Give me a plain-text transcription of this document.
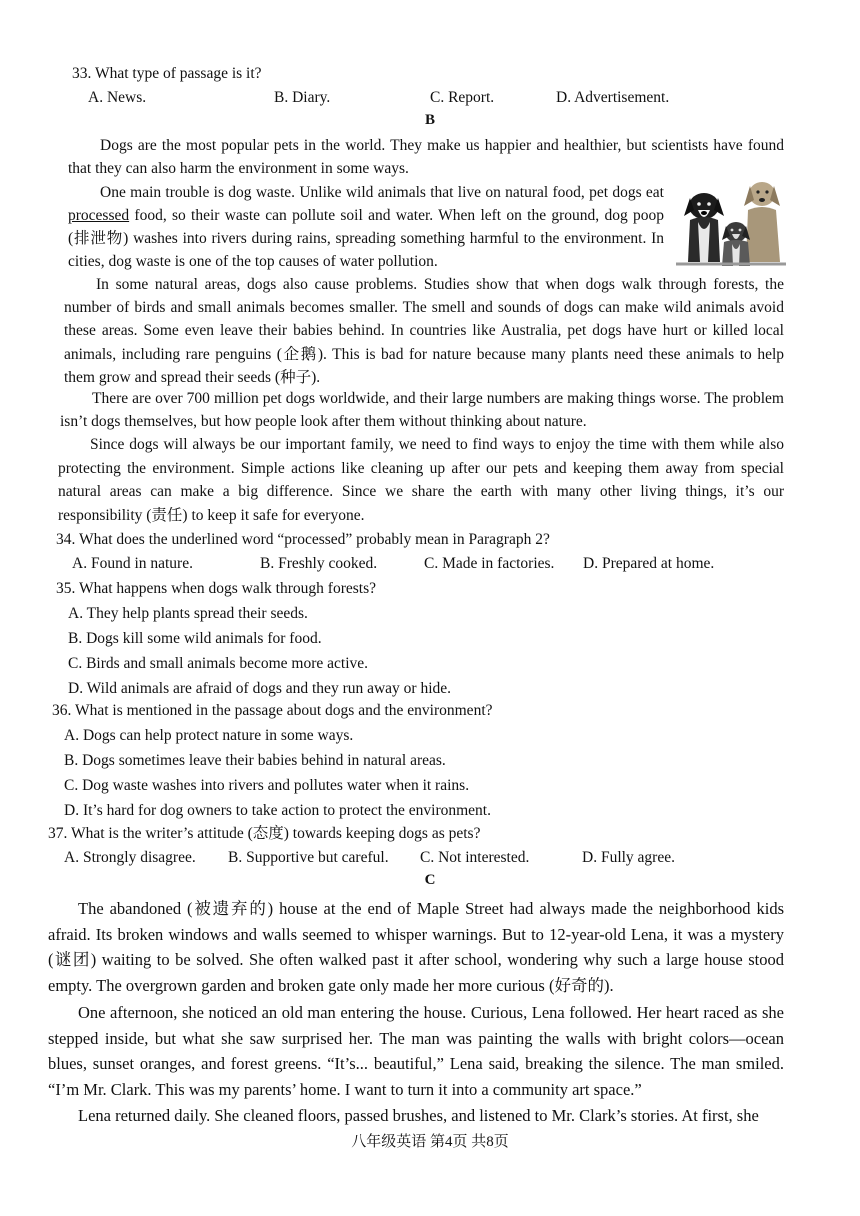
33. What type of passage is it?
A. News.	B. Diary.	C. Report.	D. Advertisement.
B

Dogs are the most popular pets in the world. They make us happier and healthier, but scientists have found that they can also harm the environment in some ways.

One main trouble is dog waste. Unlike wild animals that live on natural food, pet dogs eat processed food, so their waste can pollute soil and water. When left on the ground, dog poop (排泄物) washes into rivers during rains, spreading something harmful to the environment. In cities, dog waste is one of the top causes of water pollution.

In some natural areas, dogs also cause problems. Studies show that when dogs walk through forests, the number of birds and small animals becomes smaller. The smell and sounds of dogs can make wild animals avoid these areas. Some even leave their babies behind. In countries like Australia, pet dogs have hurt or killed local animals, including rare penguins (企鹅). This is bad for nature because many plants need these animals to help them grow and spread their seeds (种子).

There are over 700 million pet dogs worldwide, and their large numbers are making things worse. The problem isn’t dogs themselves, but how people look after them without thinking about nature.

Since dogs will always be our important family, we need to find ways to enjoy the time with them while also protecting the environment. Simple actions like cleaning up after our pets and keeping them away from special natural areas can make a big difference. Since we share the earth with many other living things, it’s our responsibility (责任) to keep it safe for everyone.

34. What does the underlined word “processed” probably mean in Paragraph 2?
A. Found in nature.	B. Freshly cooked.	C. Made in factories.	D. Prepared at home.
35. What happens when dogs walk through forests?
A. They help plants spread their seeds.
B. Dogs kill some wild animals for food.
C. Birds and small animals become more active.
D. Wild animals are afraid of dogs and they run away or hide.
36. What is mentioned in the passage about dogs and the environment?
A. Dogs can help protect nature in some ways.
B. Dogs sometimes leave their babies behind in natural areas.
C. Dog waste washes into rivers and pollutes water when it rains.
D. It’s hard for dog owners to take action to protect the environment.
37. What is the writer’s attitude (态度) towards keeping dogs as pets?
A. Strongly disagree.	B. Supportive but careful.	C. Not interested.	D. Fully agree.
C

The abandoned (被遗弃的) house at the end of Maple Street had always made the neighborhood kids afraid. Its broken windows and walls seemed to whisper warnings. But to 12-year-old Lena, it was a mystery (谜团) waiting to be solved. She often walked past it after school, wondering why such a large house stood empty. The overgrown garden and broken gate only made her more curious (好奇的).

One afternoon, she noticed an old man entering the house. Curious, Lena followed. Her heart raced as she stepped inside, but what she saw surprised her. The man was painting the walls with bright colors—ocean blues, sunset oranges, and forest greens. “It’s... beautiful,” Lena said, breaking the silence. The man smiled. “I’m Mr. Clark. This was my parents’ home. I want to turn it into a community art space.”

Lena returned daily. She cleaned floors, passed brushes, and listened to Mr. Clark’s stories. At first, she

八年级英语 第4页 共8页
